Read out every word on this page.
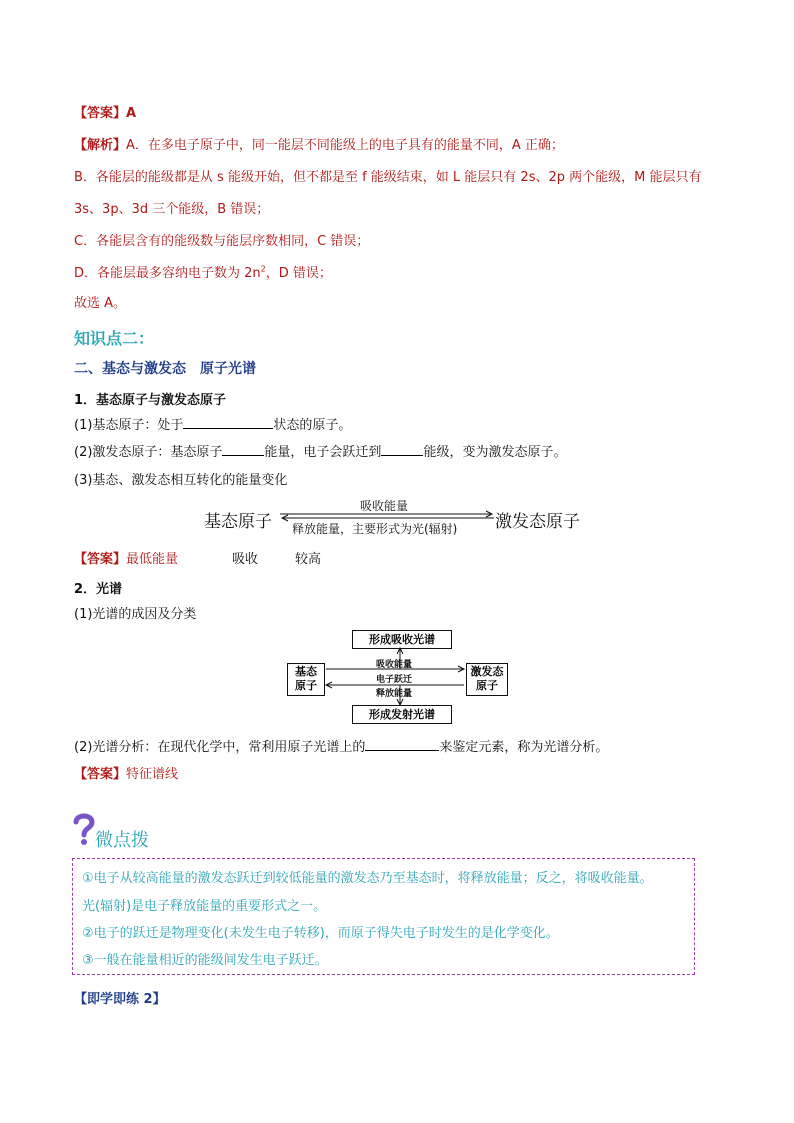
【答案】A
【解析】A．在多电子原子中，同一能层不同能级上的电子具有的能量不同，A 正确；
B．各能层的能级都是从 s 能级开始，但不都是至 f 能级结束，如 L 能层只有 2s、2p 两个能级，M 能层只有
3s、3p、3d 三个能级，B 错误；
C．各能层含有的能级数与能层序数相同，C 错误；
D．各能层最多容纳电子数为 $2n^2$，D 错误；
故选 A。
知识点二：
二、基态与激发态　原子光谱
1．基态原子与激发态原子
(1)基态原子：处于	状态的原子。
(2)激发态原子：基态原子	能量，电子会跃迁到	能级，变为激发态原子。
(3)基态、激发态相互转化的能量变化
基态原子	激发态原子
吸收能量
释放能量，主要形式为光(辐射)
【答案】最低能量	吸收	较高
2．光谱
(1)光谱的成因及分类
形成吸收光谱
形成发射光谱
基态
原子
激发态
原子
吸收能量
电子跃迁
释放能量
(2)光谱分析：在现代化学中，常利用原子光谱上的	来鉴定元素，称为光谱分析。
【答案】特征谱线
微点拨
①电子从较高能量的激发态跃迁到较低能量的激发态乃至基态时，将释放能量；反之，将吸收能量。
光(辐射)是电子释放能量的重要形式之一。
②电子的跃迁是物理变化(未发生电子转移)，而原子得失电子时发生的是化学变化。
③一般在能量相近的能级间发生电子跃迁。
【即学即练 2】
